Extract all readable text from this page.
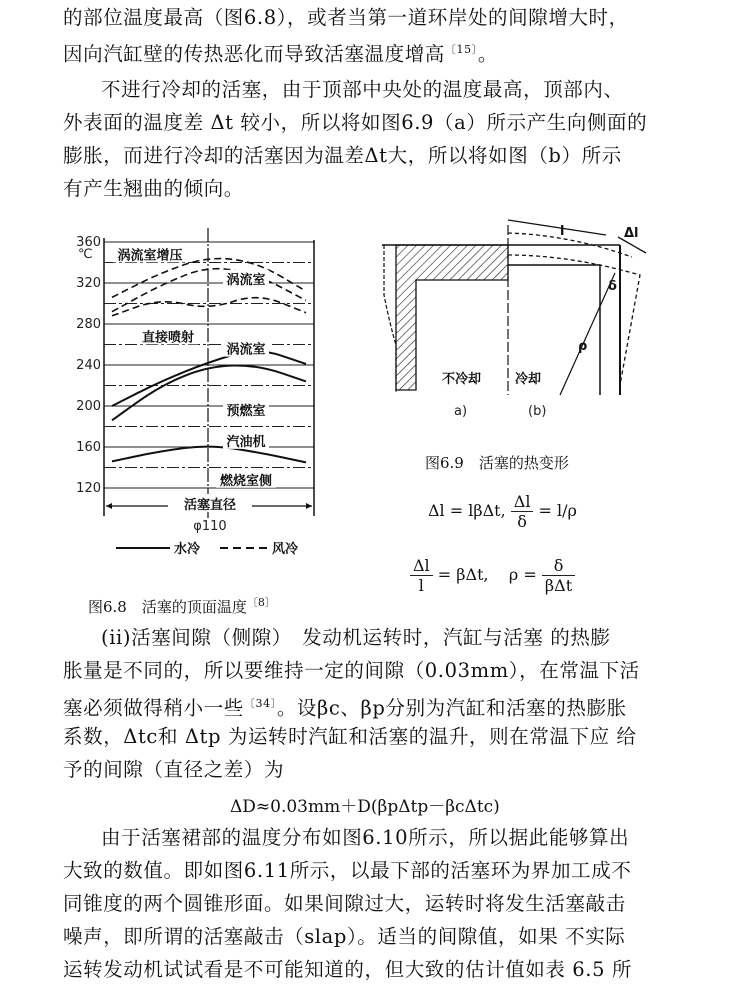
的部位温度最高（图6.8），或者当第一道环岸处的间隙增大时，
因向汽缸壁的传热恶化而导致活塞温度增高$^{〔15〕}$。
不进行冷却的活塞，由于顶部中央处的温度最高，顶部内、
外表面的温度差 Δt 较小，所以将如图6.9（a）所示产生向侧面的
膨胀，而进行冷却的活塞因为温差Δt大，所以将如图（b）所示
有产生翘曲的倾向。
360
320
280
240
200
160
120
℃ 涡流室增压
涡流室
直接喷射
涡流室
预燃室
汽油机
燃烧室侧
活塞直径
φ110
水冷	风冷
图6.8　活塞的顶面温度$^{〔8〕}$
l	Δl
δ
ρ
不冷却	冷却
a)	(b)
图6.9　活塞的热变形
Δl = lβΔt, $\frac{\Delta l}{\delta} = l/\rho$
$\frac{\Delta l}{l} = \beta\Delta t$, $\rho = \frac{\delta}{\text{βΔt}}$
(ii)活塞间隙（侧隙）　发动机运转时，汽缸与活塞 的热膨
胀量是不同的，所以要维持一定的间隙（0.03mm），在常温下活
塞必须做得稍小一些$^{〔34〕}$。设βc、βp分别为汽缸和活塞的热膨胀
系数，Δtc和 Δtp 为运转时汽缸和活塞的温升，则在常温下应 给
予的间隙（直径之差）为
ΔD≈0.03mm＋D(βpΔtp－βcΔtc)
由于活塞裙部的温度分布如图6.10所示，所以据此能够算出
大致的数值。即如图6.11所示，以最下部的活塞环为界加工成不
同锥度的两个圆锥形面。如果间隙过大，运转时将发生活塞敲击
噪声，即所谓的活塞敲击（slap）。适当的间隙值，如果 不实际
运转发动机试试看是不可能知道的，但大致的估计值如表 6.5 所
